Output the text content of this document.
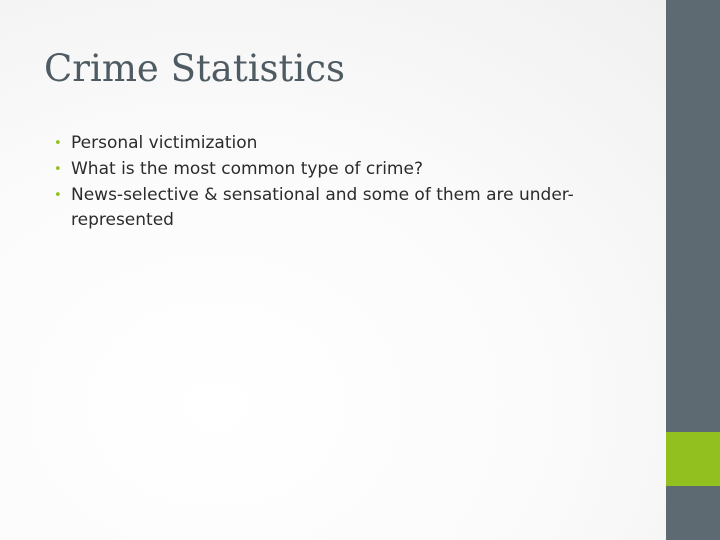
Crime Statistics
• Personal victimization
• What is the most common type of crime?
• News-selective & sensational and some of them are under-represented
